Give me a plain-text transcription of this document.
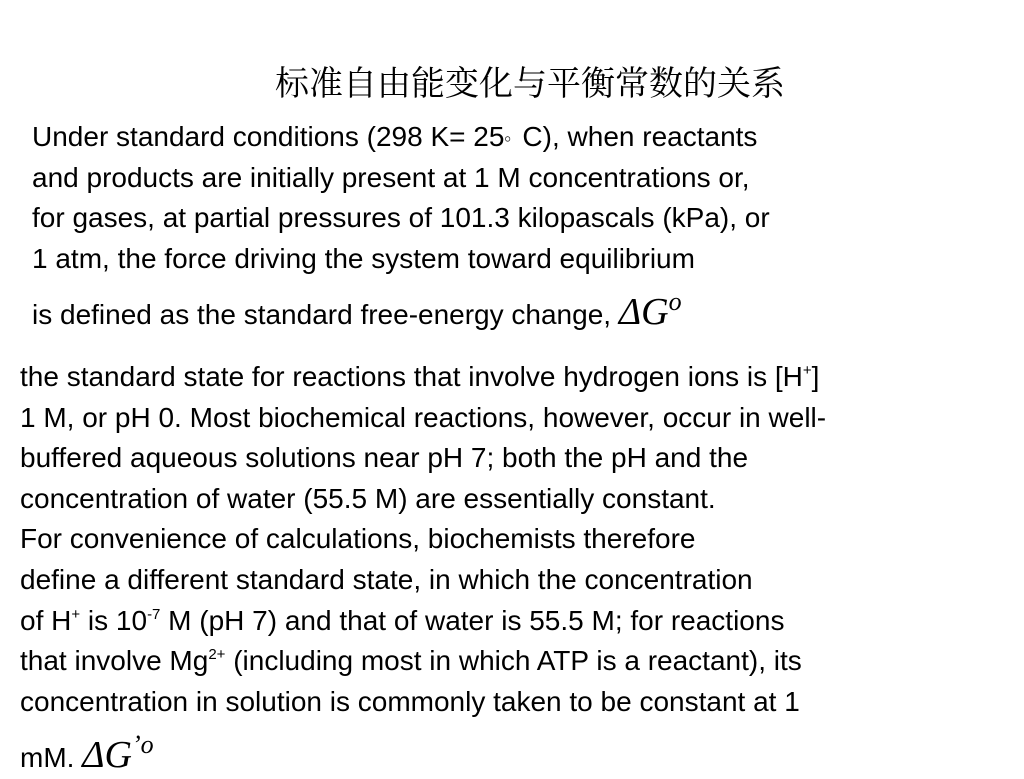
标准自由能变化与平衡常数的关系

Under standard conditions (298 K= 25。C), when reactants
and products are initially present at 1 M concentrations or,
for gases, at partial pressures of 101.3 kilopascals (kPa), or
1 atm, the force driving the system toward equilibrium
is defined as the standard free-energy change, $\Delta G^o$

the standard state for reactions that involve hydrogen ions is [H+]
1 M, or pH 0. Most biochemical reactions, however, occur in well-
buffered aqueous solutions near pH 7; both the pH and the
concentration of water (55.5 M) are essentially constant.
For convenience of calculations, biochemists therefore
define a different standard state, in which the concentration
of H+ is $10^{-7}$ M (pH 7) and that of water is 55.5 M; for reactions
that involve $Mg^{2+}$ (including most in which ATP is a reactant), its
concentration in solution is commonly taken to be constant at 1
mM. $\Delta G^{’o}$
